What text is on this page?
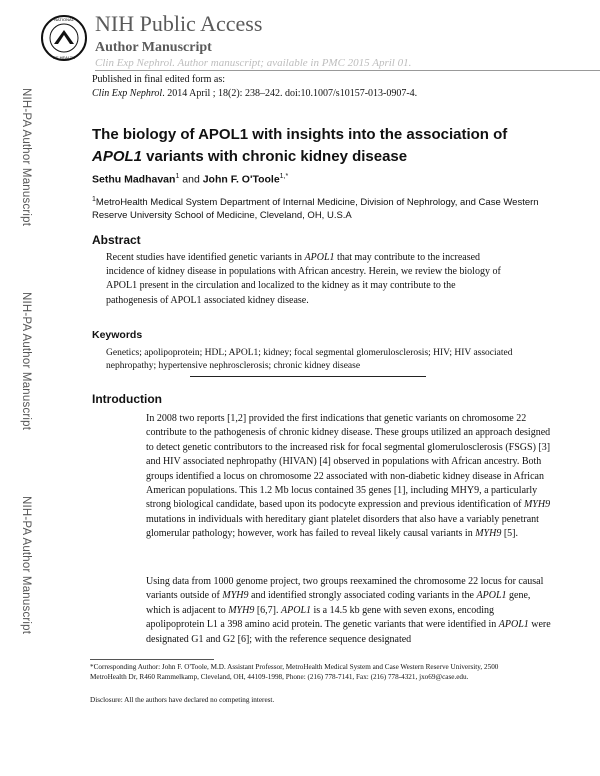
NATIONAL
OF HEALTH
NIH Public Access
Author Manuscript
Clin Exp Nephrol. Author manuscript; available in PMC 2015 April 01.
Published in final edited form as:
Clin Exp Nephrol. 2014 April ; 18(2): 238–242. doi:10.1007/s10157-013-0907-4.
NIH-PA Author Manuscript
NIH-PA Author Manuscript
NIH-PA Author Manuscript
The biology of APOL1 with insights into the association of
APOL1 variants with chronic kidney disease
Sethu Madhavan$^1$ and John F. O'Toole$^{1,*}$
$^1$MetroHealth Medical System Department of Internal Medicine, Division of Nephrology, and Case Western Reserve University School of Medicine, Cleveland, OH, U.S.A
Abstract
Recent studies have identified genetic variants in APOL1 that may contribute to the increased incidence of kidney disease in populations with African ancestry. Herein, we review the biology of APOL1 present in the circulation and localized to the kidney as it may contribute to the pathogenesis of APOL1 associated kidney disease.
Keywords
Genetics; apolipoprotein; HDL; APOL1; kidney; focal segmental glomerulosclerosis; HIV; HIV associated nephropathy; hypertensive nephrosclerosis; chronic kidney disease
Introduction
In 2008 two reports [1,2] provided the first indications that genetic variants on chromosome 22 contribute to the pathogenesis of chronic kidney disease. These groups utilized an approach designed to detect genetic contributors to the increased risk for focal segmental glomerulosclerosis (FSGS) [3] and HIV associated nephropathy (HIVAN) [4] observed in populations with African ancestry. Both groups identified a locus on chromosome 22 associated with non-diabetic kidney disease in African American populations. This 1.2 Mb locus contained 35 genes [1], including MHY9, a particularly strong biological candidate, based upon its podocyte expression and previous identification of MYH9 mutations in individuals with hereditary giant platelet disorders that also have a variably penetrant glomerular pathology; however, work has failed to reveal likely causal variants in MYH9 [5].
Using data from 1000 genome project, two groups reexamined the chromosome 22 locus for causal variants outside of MYH9 and identified strongly associated coding variants in the APOL1 gene, which is adjacent to MYH9 [6,7]. APOL1 is a 14.5 kb gene with seven exons, encoding apolipoprotein L1 a 398 amino acid protein. The genetic variants that were identified in APOL1 were designated G1 and G2 [6]; with the reference sequence designated
*Corresponding Author: John F. O'Toole, M.D. Assistant Professor, MetroHealth Medical System and Case Western Reserve University, 2500 MetroHealth Dr, R460 Rammelkamp, Cleveland, OH, 44109-1998, Phone: (216) 778-7141, Fax: (216) 778-4321, jxo69@case.edu.
Disclosure: All the authors have declared no competing interest.
